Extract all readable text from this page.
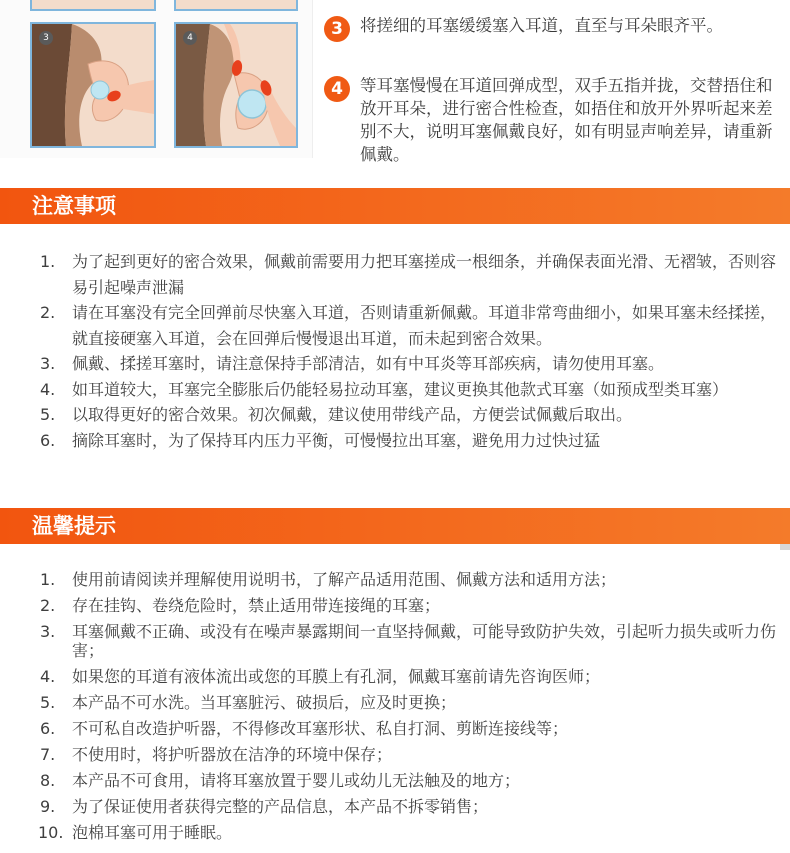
3	4	3	将搓细的耳塞缓缓塞入耳道，直至与耳朵眼齐平。
4	等耳塞慢慢在耳道回弹成型，双手五指并拢，交替捂住和放开耳朵，进行密合性检查，如捂住和放开外界听起来差别不大，说明耳塞佩戴良好，如有明显声响差异，请重新佩戴。
注意事项
1. 为了起到更好的密合效果，佩戴前需要用力把耳塞搓成一根细条，并确保表面光滑、无褶皱，否则容易引起噪声泄漏
2. 请在耳塞没有完全回弹前尽快塞入耳道，否则请重新佩戴。耳道非常弯曲细小，如果耳塞未经揉搓，就直接硬塞入耳道，会在回弹后慢慢退出耳道，而未起到密合效果。
3. 佩戴、揉搓耳塞时，请注意保持手部清洁，如有中耳炎等耳部疾病，请勿使用耳塞。
4. 如耳道较大，耳塞完全膨胀后仍能轻易拉动耳塞，建议更换其他款式耳塞（如预成型类耳塞）
5. 以取得更好的密合效果。初次佩戴，建议使用带线产品，方便尝试佩戴后取出。
6. 摘除耳塞时，为了保持耳内压力平衡，可慢慢拉出耳塞，避免用力过快过猛
温馨提示
1. 使用前请阅读并理解使用说明书，了解产品适用范围、佩戴方法和适用方法；
2. 存在挂钩、卷绕危险时，禁止适用带连接绳的耳塞；
3. 耳塞佩戴不正确、或没有在噪声暴露期间一直坚持佩戴，可能导致防护失效，引起听力损失或听力伤害；
4. 如果您的耳道有液体流出或您的耳膜上有孔洞，佩戴耳塞前请先咨询医师；
5. 本产品不可水洗。当耳塞脏污、破损后，应及时更换；
6. 不可私自改造护听器，不得修改耳塞形状、私自打洞、剪断连接线等；
7. 不使用时，将护听器放在洁净的环境中保存；
8. 本产品不可食用，请将耳塞放置于婴儿或幼儿无法触及的地方；
9. 为了保证使用者获得完整的产品信息，本产品不拆零销售；
10. 泡棉耳塞可用于睡眠。
